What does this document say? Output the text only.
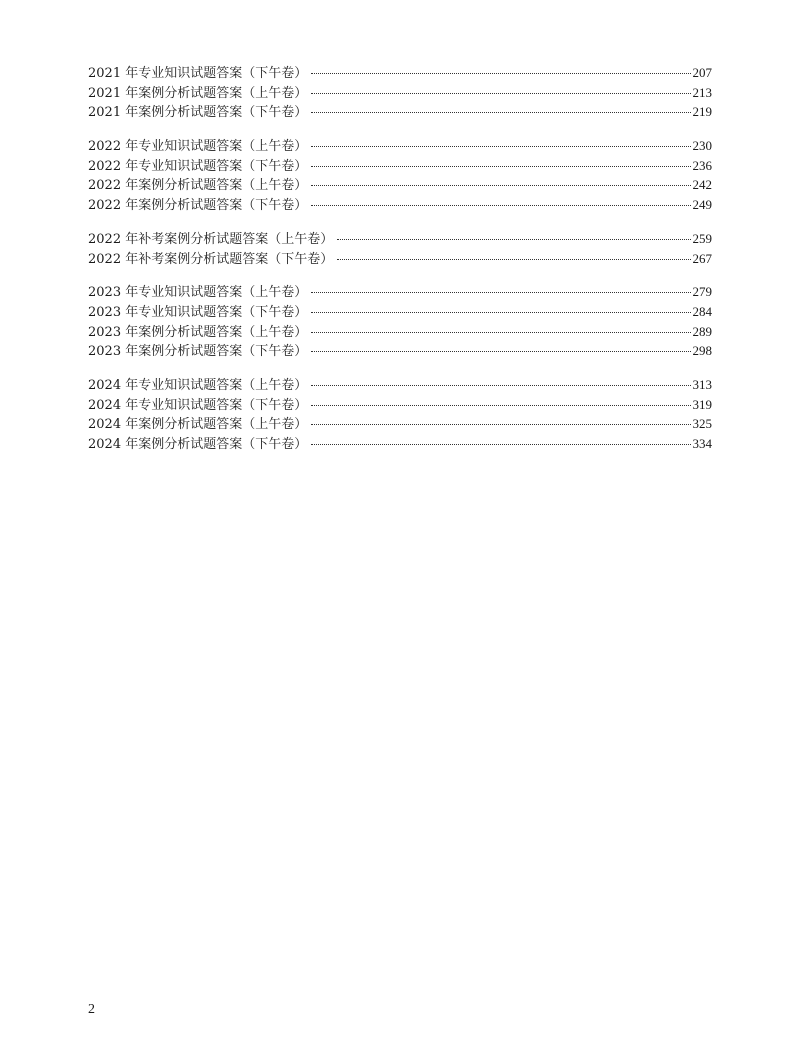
2021 年专业知识试题答案（下午卷）	207
2021 年案例分析试题答案（上午卷）	213
2021 年案例分析试题答案（下午卷）	219
2022 年专业知识试题答案（上午卷）	230
2022 年专业知识试题答案（下午卷）	236
2022 年案例分析试题答案（上午卷）	242
2022 年案例分析试题答案（下午卷）	249
2022 年补考案例分析试题答案（上午卷）	259
2022 年补考案例分析试题答案（下午卷）	267
2023 年专业知识试题答案（上午卷）	279
2023 年专业知识试题答案（下午卷）	284
2023 年案例分析试题答案（上午卷）	289
2023 年案例分析试题答案（下午卷）	298
2024 年专业知识试题答案（上午卷）	313
2024 年专业知识试题答案（下午卷）	319
2024 年案例分析试题答案（上午卷）	325
2024 年案例分析试题答案（下午卷）	334
2
